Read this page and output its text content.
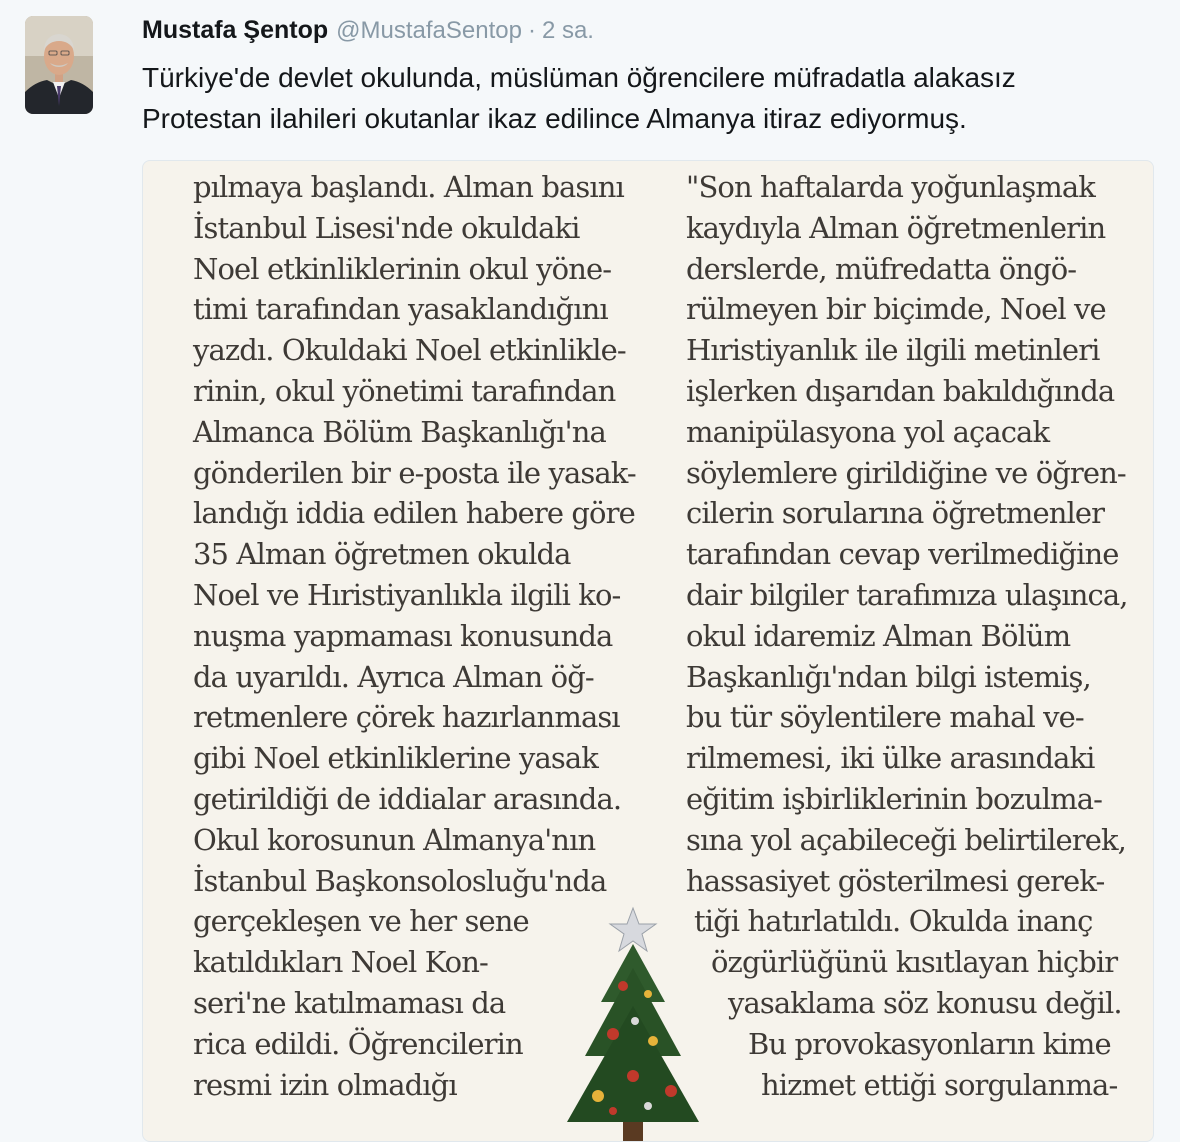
Mustafa Şentop @MustafaSentop · 2 sa.

Türkiye'de devlet okulunda, müslüman öğrencilere müfradatla alakasız

Protestan ilahileri okutanlar ikaz edilince Almanya itiraz ediyormuş.

pılmaya başlandı. Alman basını
İstanbul Lisesi'nde okuldaki
Noel etkinliklerinin okul yöne-
timi tarafından yasaklandığını
yazdı. Okuldaki Noel etkinlikle-
rinin, okul yönetimi tarafından
Almanca Bölüm Başkanlığı'na
gönderilen bir e-posta ile yasak-
landığı iddia edilen habere göre
35 Alman öğretmen okulda
Noel ve Hıristiyanlıkla ilgili ko-
nuşma yapmaması konusunda
da uyarıldı. Ayrıca Alman öğ-
retmenlere çörek hazırlanması
gibi Noel etkinliklerine yasak
getirildiği de iddialar arasında.
Okul korosunun Almanya'nın
İstanbul Başkonsolosluğu'nda
gerçekleşen ve her sene
katıldıkları Noel Kon-
seri'ne katılmaması da
rica edildi. Öğrencilerin
resmi izin olmadığı
"Son haftalarda yoğunlaşmak
kaydıyla Alman öğretmenlerin
derslerde, müfredatta öngö-
rülmeyen bir biçimde, Noel ve
Hıristiyanlık ile ilgili metinleri
işlerken dışarıdan bakıldığında
manipülasyona yol açacak
söylemlere girildiğine ve öğren-
cilerin sorularına öğretmenler
tarafından cevap verilmediğine
dair bilgiler tarafımıza ulaşınca,
okul idaremiz Alman Bölüm
Başkanlığı'ndan bilgi istemiş,
bu tür söylentilere mahal ve-
rilmemesi, iki ülke arasındaki
eğitim işbirliklerinin bozulma-
sına yol açabileceği belirtilerek,
hassasiyet gösterilmesi gerek-
tiği hatırlatıldı. Okulda inanç
özgürlüğünü kısıtlayan hiçbir
yasaklama söz konusu değil.
Bu provokasyonların kime
hizmet ettiği sorgulanma-
